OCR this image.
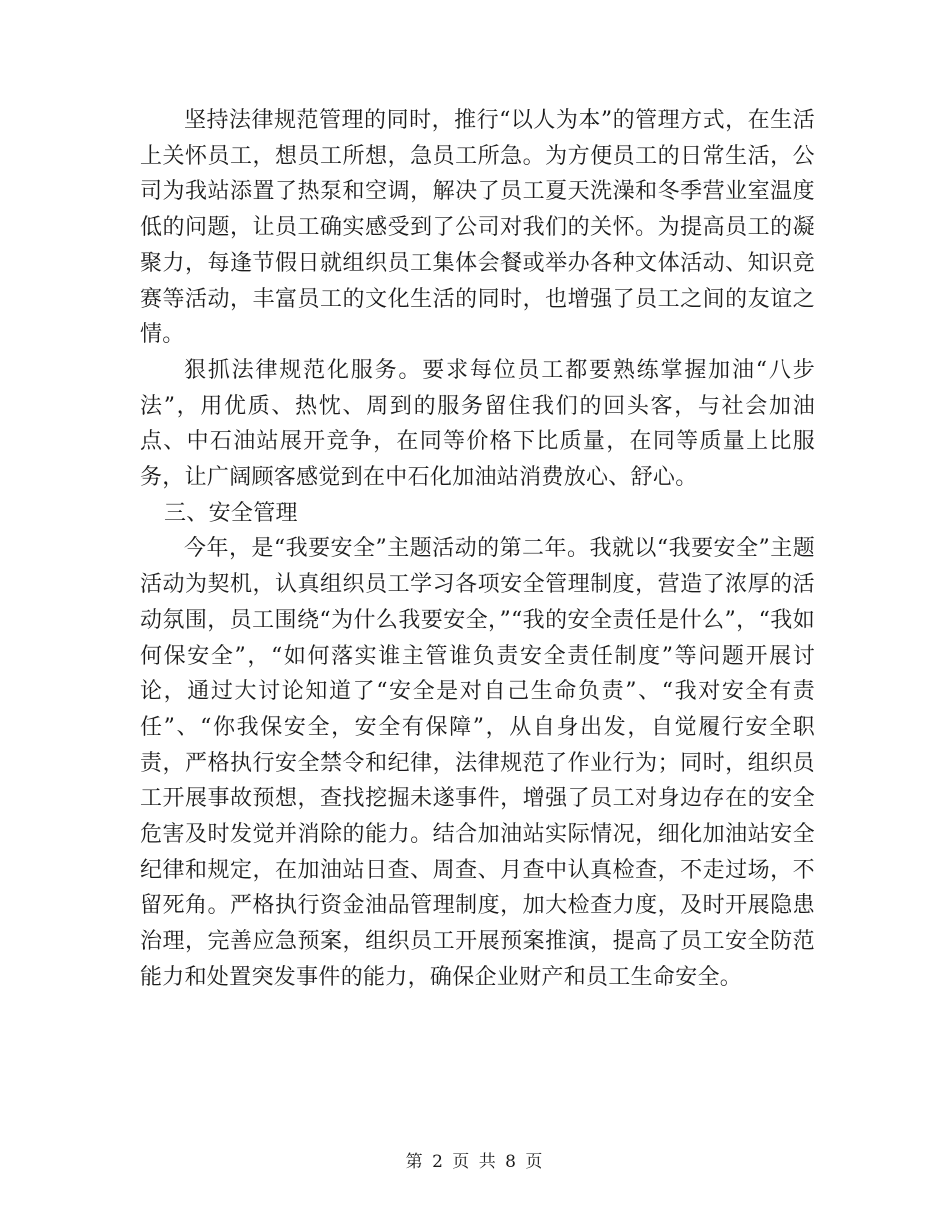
坚持法律规范管理的同时，推行“以人为本”的管理方式，在生活上关怀员工，想员工所想，急员工所急。为方便员工的日常生活，公司为我站添置了热泵和空调，解决了员工夏天洗澡和冬季营业室温度低的问题，让员工确实感受到了公司对我们的关怀。为提高员工的凝聚力，每逢节假日就组织员工集体会餐或举办各种文体活动、知识竞赛等活动，丰富员工的文化生活的同时，也增强了员工之间的友谊之情。

狠抓法律规范化服务。要求每位员工都要熟练掌握加油“八步法”，用优质、热忱、周到的服务留住我们的回头客，与社会加油点、中石油站展开竞争，在同等价格下比质量，在同等质量上比服务，让广阔顾客感觉到在中石化加油站消费放心、舒心。

三、安全管理

今年，是“我要安全”主题活动的第二年。我就以“我要安全”主题活动为契机，认真组织员工学习各项安全管理制度，营造了浓厚的活动氛围，员工围绕“为什么我要安全，”“我的安全责任是什么”，“我如何保安全”，“如何落实谁主管谁负责安全责任制度”等问题开展讨论，通过大讨论知道了“安全是对自己生命负责”、“我对安全有责任”、“你我保安全，安全有保障”，从自身出发，自觉履行安全职责，严格执行安全禁令和纪律，法律规范了作业行为；同时，组织员工开展事故预想，查找挖掘未遂事件，增强了员工对身边存在的安全危害及时发觉并消除的能力。结合加油站实际情况，细化加油站安全纪律和规定，在加油站日查、周查、月查中认真检查，不走过场，不留死角。严格执行资金油品管理制度，加大检查力度，及时开展隐患治理，完善应急预案，组织员工开展预案推演，提高了员工安全防范能力和处置突发事件的能力，确保企业财产和员工生命安全。

第 2 页 共 8 页
